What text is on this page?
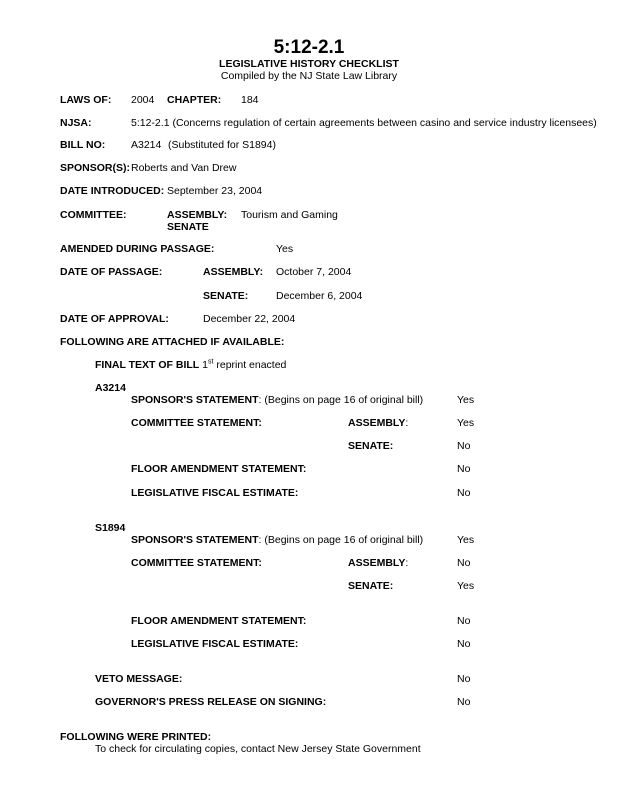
5:12-2.1
LEGISLATIVE HISTORY CHECKLIST
Compiled by the NJ State Law Library
LAWS OF: 2004 CHAPTER: 184
NJSA:	5:12-2.1 (Concerns regulation of certain agreements between casino and service industry licensees)
BILL NO: A3214 (Substituted for S1894)
SPONSOR(S): Roberts and Van Drew
DATE INTRODUCED: September 23, 2004
COMMITTEE:	ASSEMBLY: Tourism and Gaming
SENATE
AMENDED DURING PASSAGE:	Yes
DATE OF PASSAGE:	ASSEMBLY: October 7, 2004
SENATE:	December 6, 2004
DATE OF APPROVAL:	December 22, 2004
FOLLOWING ARE ATTACHED IF AVAILABLE:
FINAL TEXT OF BILL 1st reprint enacted
A3214
SPONSOR'S STATEMENT: (Begins on page 16 of original bill)	Yes
COMMITTEE STATEMENT:	ASSEMBLY:	Yes
SENATE:	No
FLOOR AMENDMENT STATEMENT:	No
LEGISLATIVE FISCAL ESTIMATE:	No
S1894
SPONSOR'S STATEMENT: (Begins on page 16 of original bill)	Yes
COMMITTEE STATEMENT:	ASSEMBLY:	No
SENATE:	Yes
FLOOR AMENDMENT STATEMENT:	No
LEGISLATIVE FISCAL ESTIMATE:	No
VETO MESSAGE:	No
GOVERNOR'S PRESS RELEASE ON SIGNING:	No
FOLLOWING WERE PRINTED:
To check for circulating copies, contact New Jersey State Government
